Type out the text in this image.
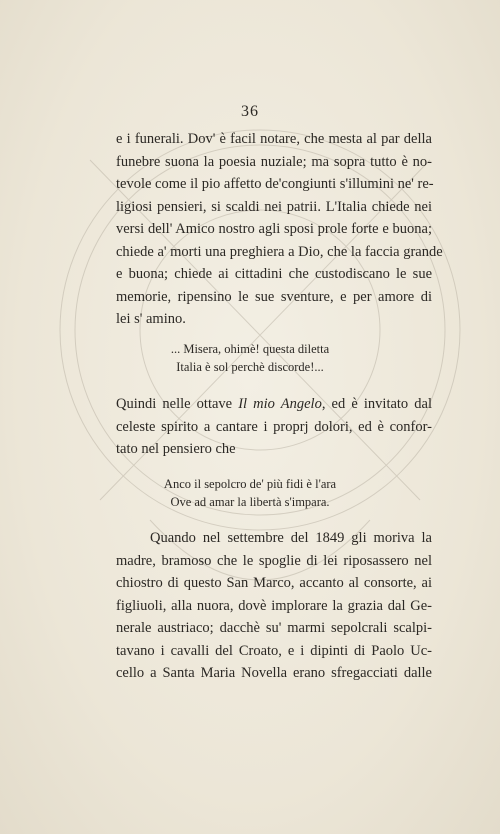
36
e i funerali. Dov' è facil notare, che mesta al par della
funebre suona la poesia nuziale; ma sopra tutto è no-
tevole come il pio affetto de'congiunti s'illumini ne' re-
ligiosi pensieri, si scaldi nei patrii. L'Italia chiede nei
versi dell' Amico nostro agli sposi prole forte e buona;
chiede a' morti una preghiera a Dio, che la faccia grande
e buona; chiede ai cittadini che custodiscano le sue
memorie, ripensino le sue sventure, e per amore di
lei s' amino.
... Misera, ohimè! questa diletta
Italia è sol perchè discorde!...
Quindi nelle ottave Il mio Angelo, ed è invitato dal
celeste spirito a cantare i proprj dolori, ed è confor-
tato nel pensiero che
Anco il sepolcro de' più fidi è l'ara
Ove ad amar la libertà s'impara.
Quando nel settembre del 1849 gli moriva la
madre, bramoso che le spoglie di lei riposassero nel
chiostro di questo San Marco, accanto al consorte, ai
figliuoli, alla nuora, dovè implorare la grazia dal Ge-
nerale austriaco; dacchè su' marmi sepolcrali scalpi-
tavano i cavalli del Croato, e i dipinti di Paolo Uc-
cello a Santa Maria Novella erano sfregacciati dalle
